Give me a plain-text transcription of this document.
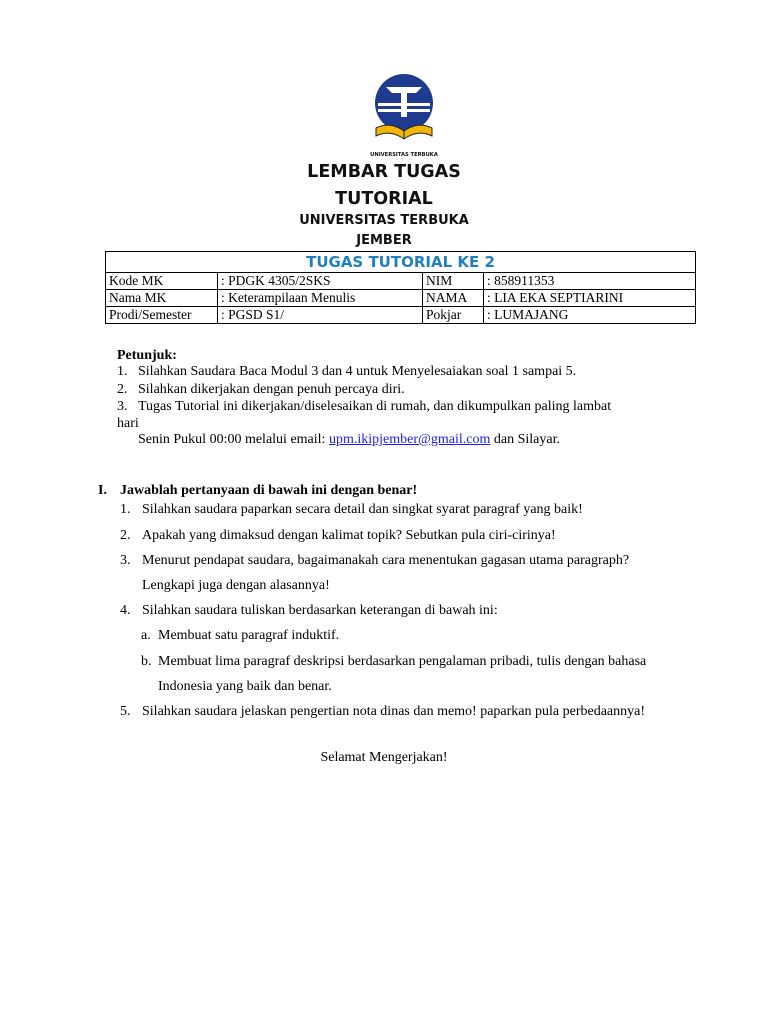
UNIVERSITAS TERBUKA
LEMBAR TUGAS
TUTORIAL
UNIVERSITAS TERBUKA
JEMBER
TUGAS TUTORIAL KE 2			
Kode MK	: PDGK 4305/2SKS	NIM	: 858911353
Nama MK	: Keterampilaan Menulis	NAMA	: LIA EKA SEPTIARINI
Prodi/Semester	: PGSD S1/	Pokjar	: LUMAJANG
Petunjuk:
1. Silahkan Saudara Baca Modul 3 dan 4 untuk Menyelesaiakan soal 1 sampai 5.
2. Silahkan dikerjakan dengan penuh percaya diri.
3. Tugas Tutorial ini dikerjakan/diselesaikan di rumah, dan dikumpulkan paling lambat
hari
Senin Pukul 00:00 melalui email: upm.ikipjember@gmail.com dan Silayar.
I. Jawablah pertanyaan di bawah ini dengan benar!
1. Silahkan saudara paparkan secara detail dan singkat syarat paragraf yang baik!
2. Apakah yang dimaksud dengan kalimat topik? Sebutkan pula ciri-cirinya!
3. Menurut pendapat saudara, bagaimanakah cara menentukan gagasan utama paragraph?
Lengkapi juga dengan alasannya!
4. Silahkan saudara tuliskan berdasarkan keterangan di bawah ini:
a. Membuat satu paragraf induktif.
b. Membuat lima paragraf deskripsi berdasarkan pengalaman pribadi, tulis dengan bahasa
Indonesia yang baik dan benar.
5. Silahkan saudara jelaskan pengertian nota dinas dan memo! paparkan pula perbedaannya!
Selamat Mengerjakan!
